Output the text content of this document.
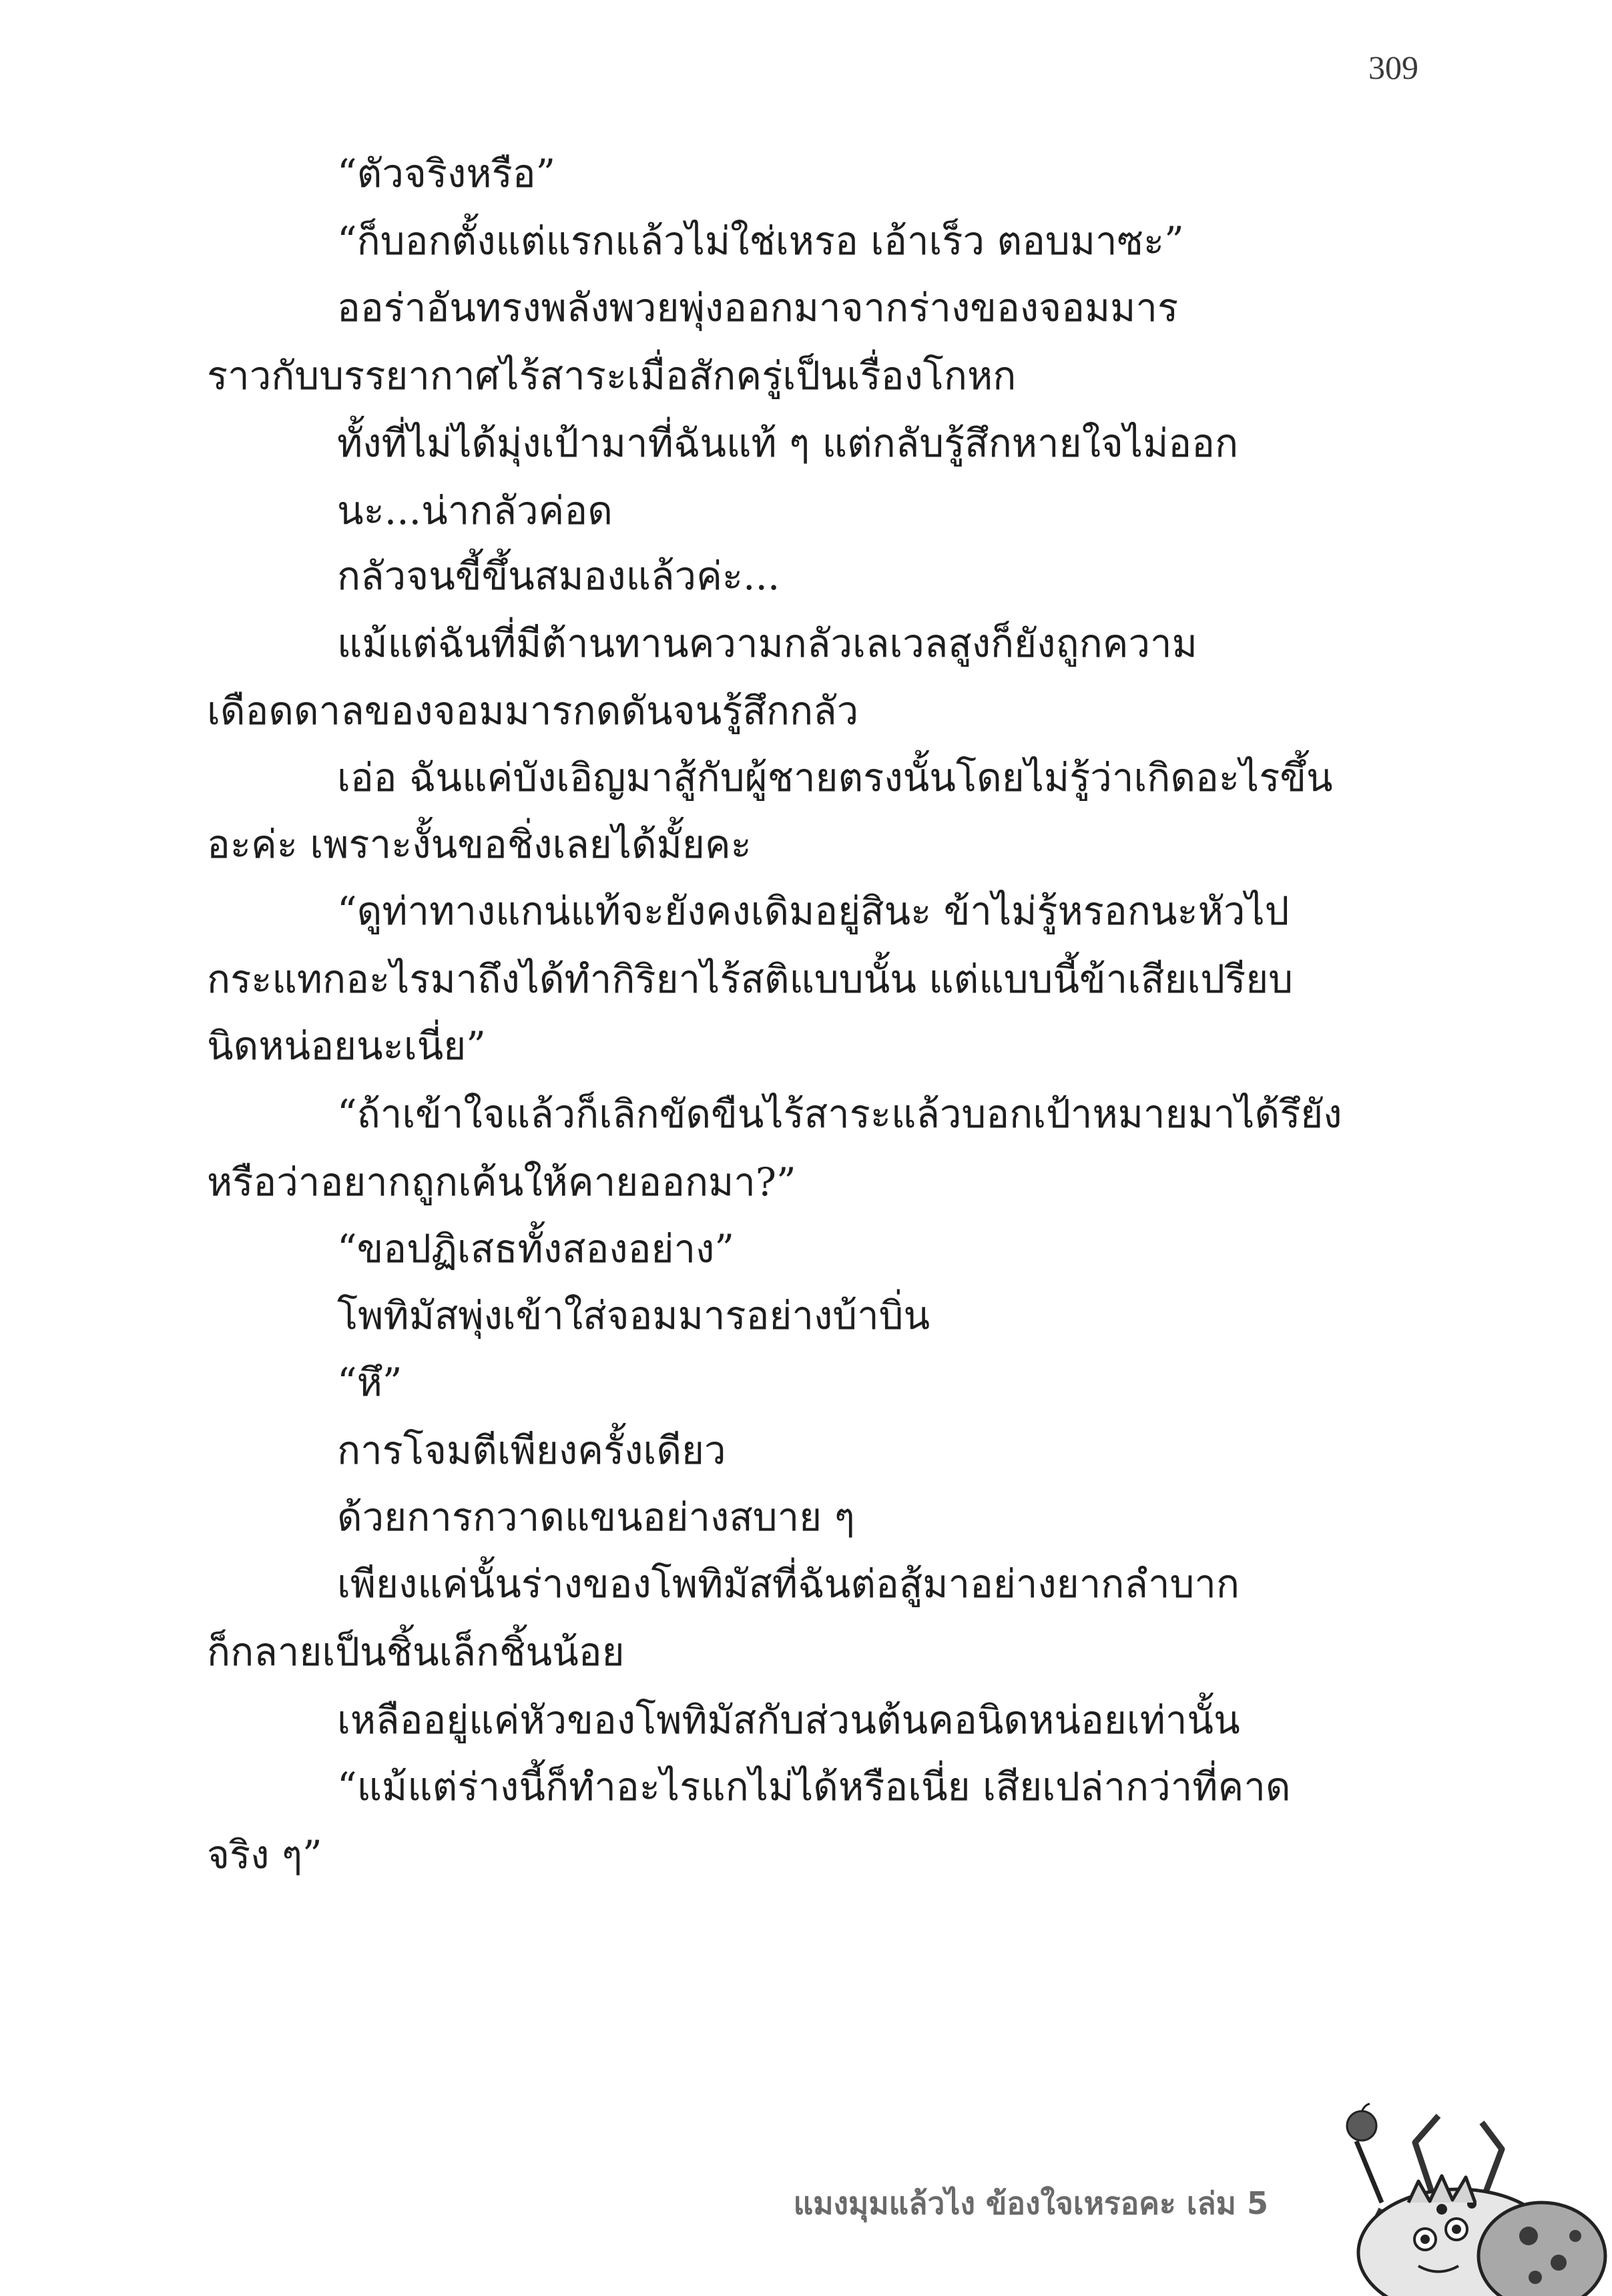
309
“ตัวจริงหรือ”
“ก็บอกตั้งแต่แรกแล้วไม่ใช่เหรอ เอ้าเร็ว ตอบมาซะ”
ออร่าอันทรงพลังพวยพุ่งออกมาจากร่างของจอมมาร
ราวกับบรรยากาศไร้สาระเมื่อสักครู่เป็นเรื่องโกหก
ทั้งที่ไม่ได้มุ่งเป้ามาที่ฉันแท้ ๆ แต่กลับรู้สึกหายใจไม่ออก
นะ...น่ากลัวค่อด
กลัวจนขี้ขึ้นสมองแล้วค่ะ...
แม้แต่ฉันที่มีต้านทานความกลัวเลเวลสูงก็ยังถูกความ
เดือดดาลของจอมมารกดดันจนรู้สึกกลัว
เอ่อ ฉันแค่บังเอิญมาสู้กับผู้ชายตรงนั้นโดยไม่รู้ว่าเกิดอะไรขึ้น
อะค่ะ เพราะงั้นขอชิ่งเลยได้มั้ยคะ
“ดูท่าทางแกน่แท้จะยังคงเดิมอยู่สินะ ข้าไม่รู้หรอกนะหัวไป
กระแทกอะไรมาถึงได้ทำกิริยาไร้สติแบบนั้น แต่แบบนี้ข้าเสียเปรียบ
นิดหน่อยนะเนี่ย”
“ถ้าเข้าใจแล้วก็เลิกขัดขืนไร้สาระแล้วบอกเป้าหมายมาได้รึยัง
หรือว่าอยากถูกเค้นให้คายออกมา?”
“ขอปฏิเสธทั้งสองอย่าง”
โพทิมัสพุ่งเข้าใส่จอมมารอย่างบ้าบิ่น
“หึ”
การโจมตีเพียงครั้งเดียว
ด้วยการกวาดแขนอย่างสบาย ๆ
เพียงแค่นั้นร่างของโพทิมัสที่ฉันต่อสู้มาอย่างยากลำบาก
ก็กลายเป็นชิ้นเล็กชิ้นน้อย
เหลืออยู่แค่หัวของโพทิมัสกับส่วนต้นคอนิดหน่อยเท่านั้น
“แม้แต่ร่างนี้ก็ทำอะไรแกไม่ได้หรือเนี่ย เสียเปล่ากว่าที่คาด
จริง ๆ”
แมงมุมแล้วไง ข้องใจเหรอคะ เล่ม 5
